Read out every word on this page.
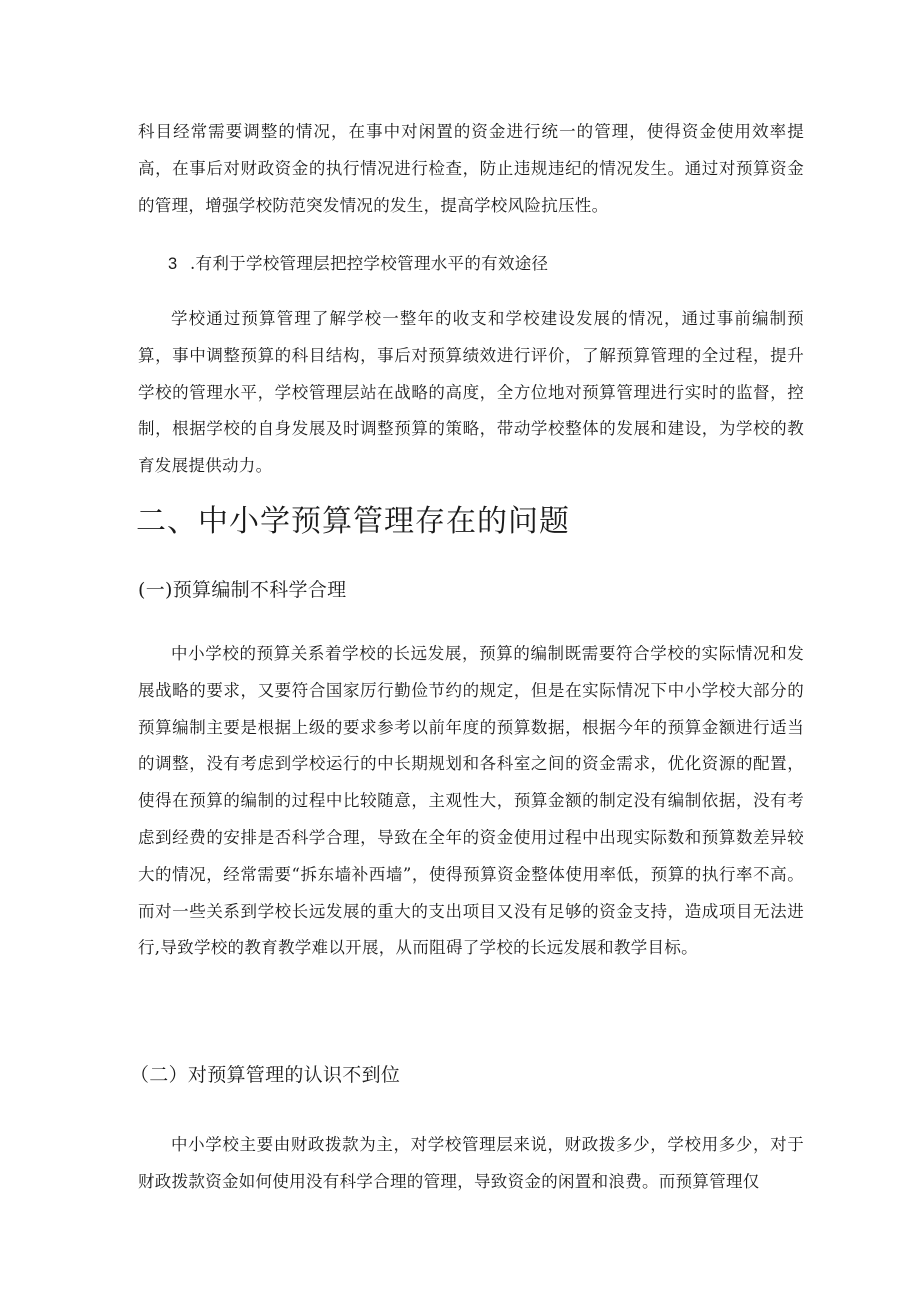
科目经常需要调整的情况，在事中对闲置的资金进行统一的管理，使得资金使用效率提高，在事后对财政资金的执行情况进行检查，防止违规违纪的情况发生。通过对预算资金的管理，增强学校防范突发情况的发生，提高学校风险抗压性。

3 .有利于学校管理层把控学校管理水平的有效途径

学校通过预算管理了解学校一整年的收支和学校建设发展的情况，通过事前编制预算，事中调整预算的科目结构，事后对预算绩效进行评价，了解预算管理的全过程，提升学校的管理水平，学校管理层站在战略的高度，全方位地对预算管理进行实时的监督，控制，根据学校的自身发展及时调整预算的策略，带动学校整体的发展和建设，为学校的教育发展提供动力。

二、中小学预算管理存在的问题

(一)预算编制不科学合理

中小学校的预算关系着学校的长远发展，预算的编制既需要符合学校的实际情况和发展战略的要求，又要符合国家厉行勤俭节约的规定，但是在实际情况下中小学校大部分的预算编制主要是根据上级的要求参考以前年度的预算数据，根据今年的预算金额进行适当的调整，没有考虑到学校运行的中长期规划和各科室之间的资金需求，优化资源的配置，使得在预算的编制的过程中比较随意，主观性大，预算金额的制定没有编制依据，没有考虑到经费的安排是否科学合理，导致在全年的资金使用过程中出现实际数和预算数差异较大的情况，经常需要“拆东墙补西墙”，使得预算资金整体使用率低，预算的执行率不高。而对一些关系到学校长远发展的重大的支出项目又没有足够的资金支持，造成项目无法进行,导致学校的教育教学难以开展，从而阻碍了学校的长远发展和教学目标。

（二）对预算管理的认识不到位

中小学校主要由财政拨款为主，对学校管理层来说，财政拨多少，学校用多少，对于财政拨款资金如何使用没有科学合理的管理，导致资金的闲置和浪费。而预算管理仅
